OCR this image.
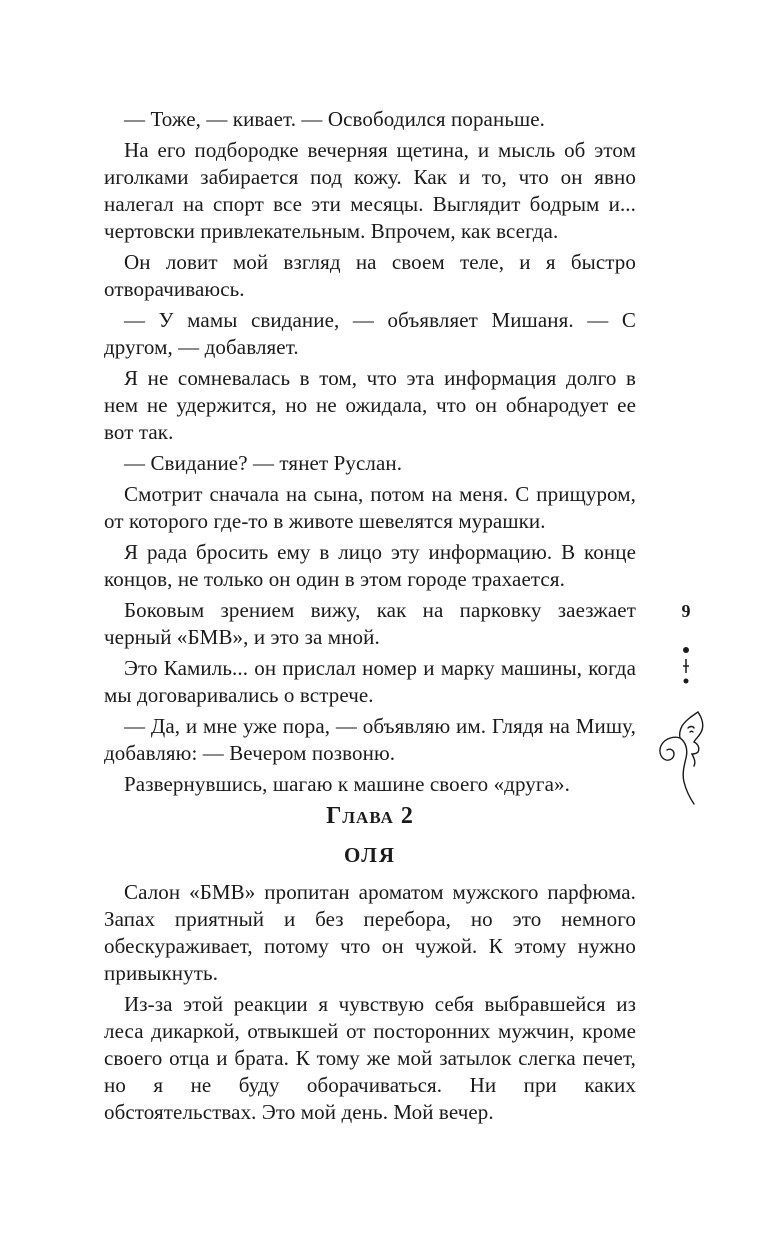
— Тоже, — кивает. — Освободился пораньше.

На его подбородке вечерняя щетина, и мысль об этом иголками забирается под кожу. Как и то, что он явно налегал на спорт все эти месяцы. Выглядит бодрым и... чертовски привлекательным. Впрочем, как всегда.

Он ловит мой взгляд на своем теле, и я быстро отворачиваюсь.

— У мамы свидание, — объявляет Мишаня. — С другом, — добавляет.

Я не сомневалась в том, что эта информация долго в нем не удержится, но не ожидала, что он обнародует ее вот так.

— Свидание? — тянет Руслан.

Смотрит сначала на сына, потом на меня. С прищуром, от которого где-то в животе шевелятся мурашки.

Я рада бросить ему в лицо эту информацию. В конце концов, не только он один в этом городе трахается.

Боковым зрением вижу, как на парковку заезжает черный «БМВ», и это за мной.

Это Камиль... он прислал номер и марку машины, когда мы договаривались о встрече.

— Да, и мне уже пора, — объявляю им. Глядя на Мишу, добавляю: — Вечером позвоню.

Развернувшись, шагаю к машине своего «друга».

Глава 2
ОЛЯ

Салон «БМВ» пропитан ароматом мужского парфюма. Запах приятный и без перебора, но это немного обескураживает, потому что он чужой. К этому нужно привыкнуть.

Из-за этой реакции я чувствую себя выбравшейся из леса дикаркой, отвыкшей от посторонних мужчин, кроме своего отца и брата. К тому же мой затылок слегка печет, но я не буду оборачиваться. Ни при каких обстоятельствах. Это мой день. Мой вечер.

9
